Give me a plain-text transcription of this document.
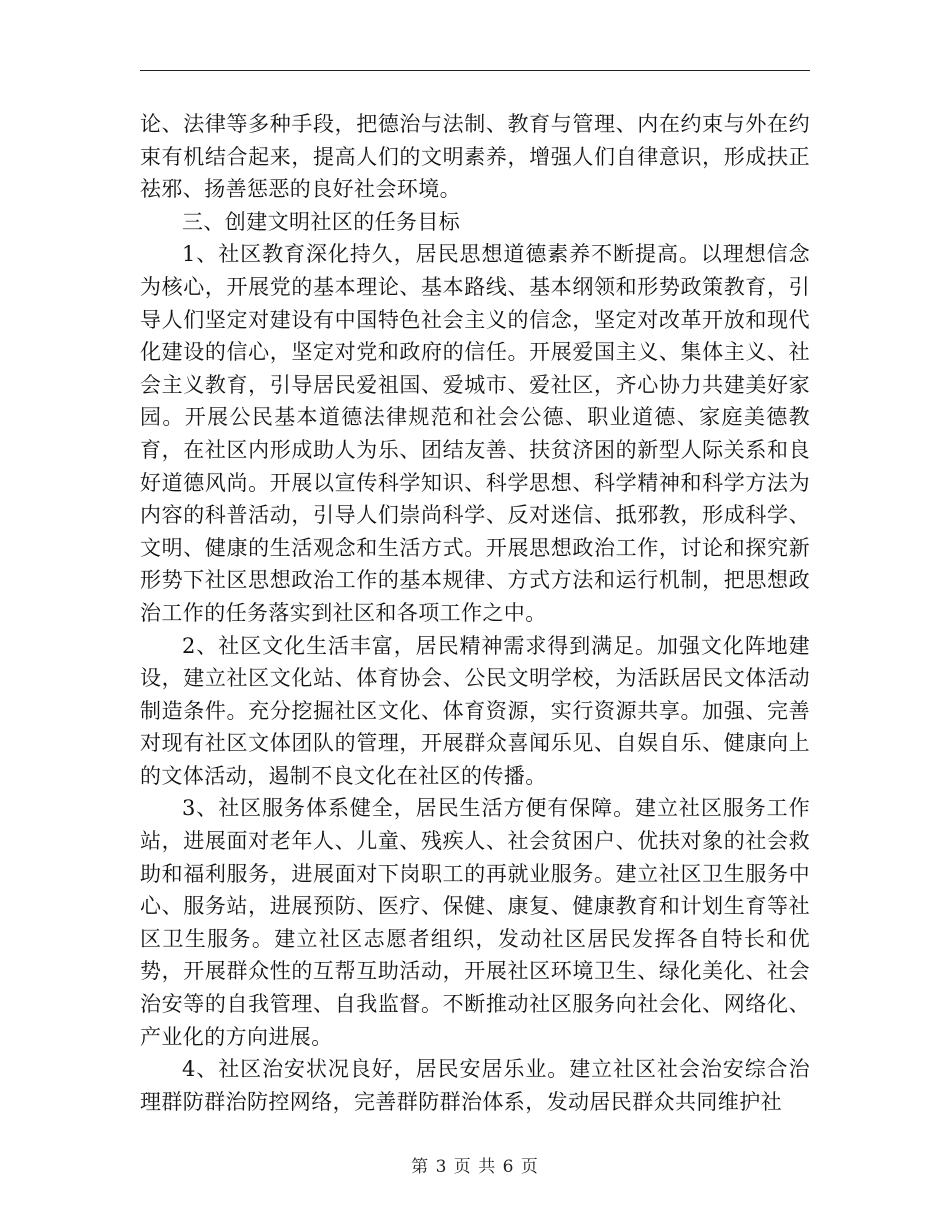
论、法律等多种手段，把德治与法制、教育与管理、内在约束与外在约束有机结合起来，提高人们的文明素养，增强人们自律意识，形成扶正祛邪、扬善惩恶的良好社会环境。

三、创建文明社区的任务目标

1、社区教育深化持久，居民思想道德素养不断提高。以理想信念为核心，开展党的基本理论、基本路线、基本纲领和形势政策教育，引导人们坚定对建设有中国特色社会主义的信念，坚定对改革开放和现代化建设的信心，坚定对党和政府的信任。开展爱国主义、集体主义、社会主义教育，引导居民爱祖国、爱城市、爱社区，齐心协力共建美好家园。开展公民基本道德法律规范和社会公德、职业道德、家庭美德教育，在社区内形成助人为乐、团结友善、扶贫济困的新型人际关系和良好道德风尚。开展以宣传科学知识、科学思想、科学精神和科学方法为内容的科普活动，引导人们崇尚科学、反对迷信、抵邪教，形成科学、文明、健康的生活观念和生活方式。开展思想政治工作，讨论和探究新形势下社区思想政治工作的基本规律、方式方法和运行机制，把思想政治工作的任务落实到社区和各项工作之中。

2、社区文化生活丰富，居民精神需求得到满足。加强文化阵地建设，建立社区文化站、体育协会、公民文明学校，为活跃居民文体活动制造条件。充分挖掘社区文化、体育资源，实行资源共享。加强、完善对现有社区文体团队的管理，开展群众喜闻乐见、自娱自乐、健康向上的文体活动，遏制不良文化在社区的传播。

3、社区服务体系健全，居民生活方便有保障。建立社区服务工作站，进展面对老年人、儿童、残疾人、社会贫困户、优扶对象的社会救助和福利服务，进展面对下岗职工的再就业服务。建立社区卫生服务中心、服务站，进展预防、医疗、保健、康复、健康教育和计划生育等社区卫生服务。建立社区志愿者组织，发动社区居民发挥各自特长和优势，开展群众性的互帮互助活动，开展社区环境卫生、绿化美化、社会治安等的自我管理、自我监督。不断推动社区服务向社会化、网络化、产业化的方向进展。

4、社区治安状况良好，居民安居乐业。建立社区社会治安综合治理群防群治防控网络，完善群防群治体系，发动居民群众共同维护社

第 3 页 共 6 页
